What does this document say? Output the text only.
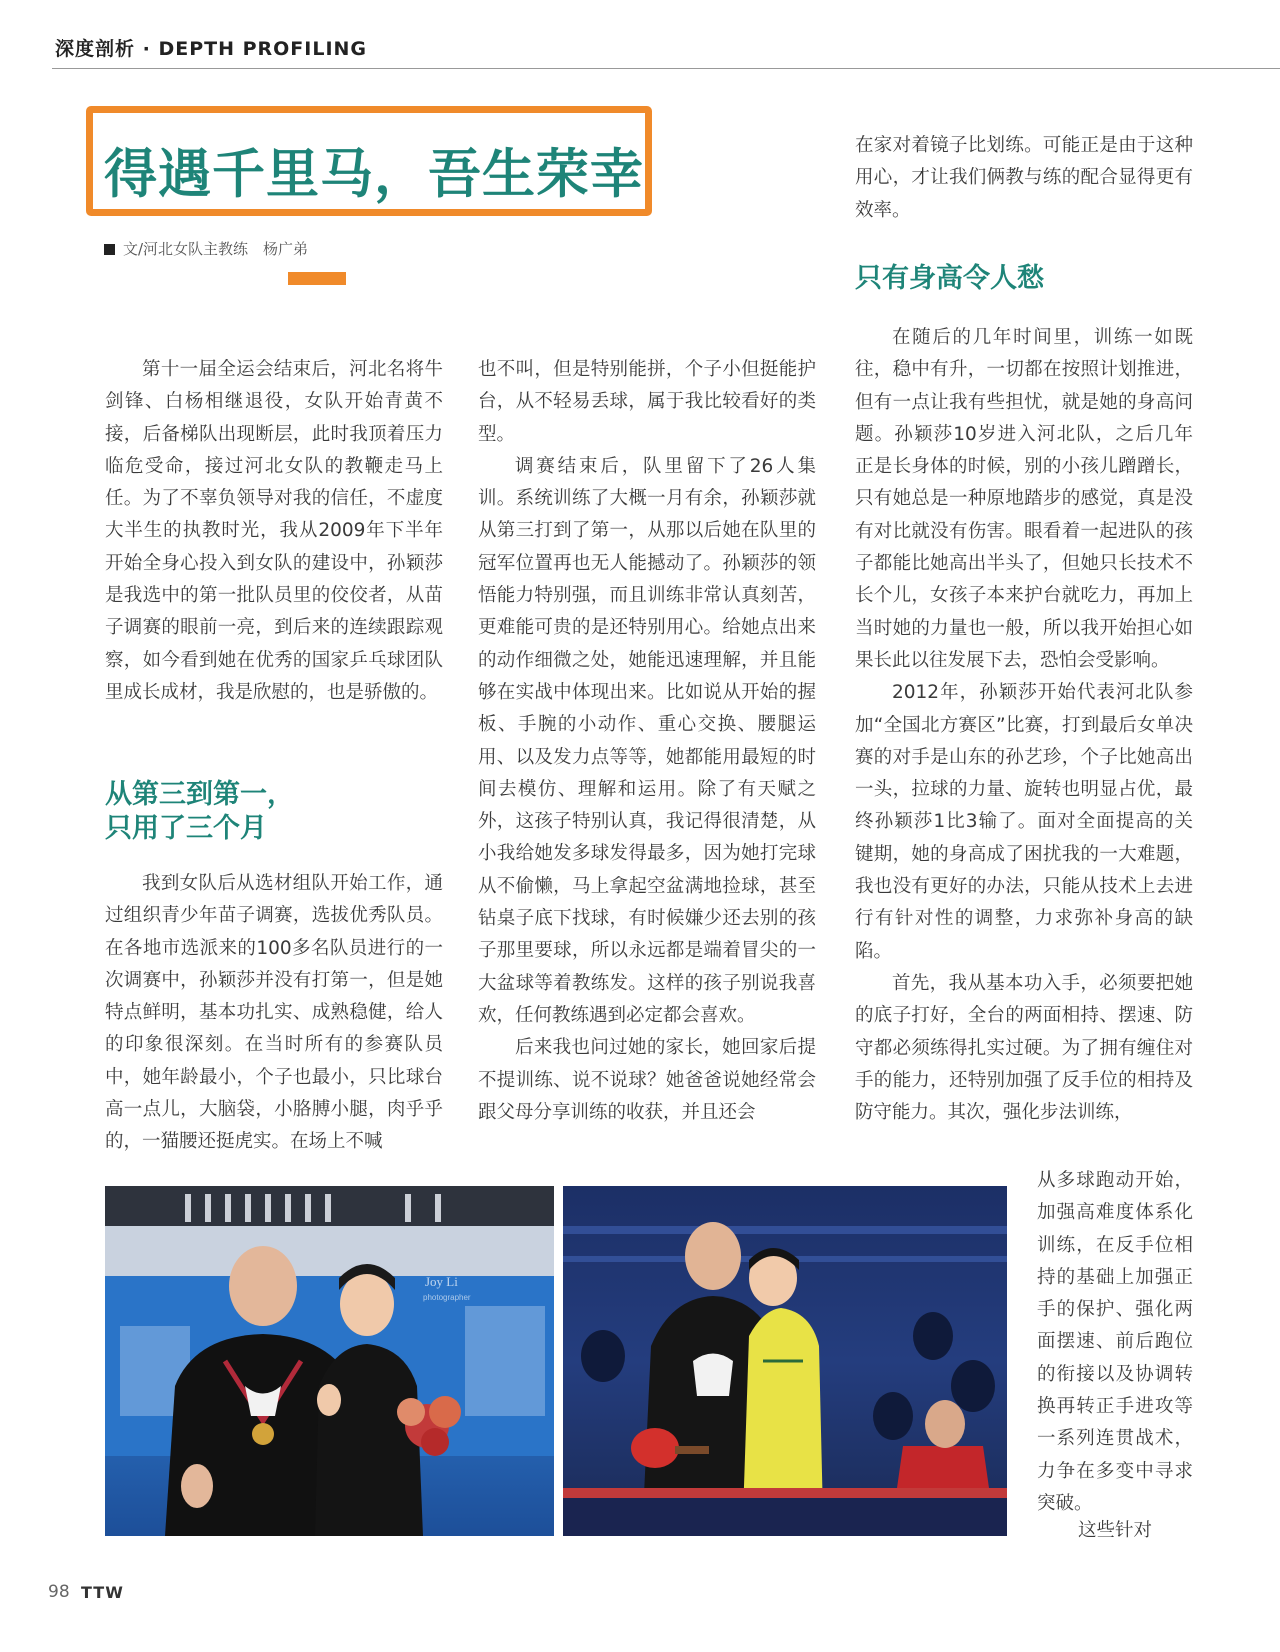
深度剖析 · DEPTH PROFILING
得遇千里马，吾生荣幸
文/河北女队主教练　杨广弟

第十一届全运会结束后，河北名将牛剑锋、白杨相继退役，女队开始青黄不接，后备梯队出现断层，此时我顶着压力临危受命，接过河北女队的教鞭走马上任。为了不辜负领导对我的信任，不虚度大半生的执教时光，我从2009年下半年开始全身心投入到女队的建设中，孙颖莎是我选中的第一批队员里的佼佼者，从苗子调赛的眼前一亮，到后来的连续跟踪观察，如今看到她在优秀的国家乒乓球团队里成长成材，我是欣慰的，也是骄傲的。

从第三到第一，
只用了三个月

我到女队后从选材组队开始工作，通过组织青少年苗子调赛，选拔优秀队员。在各地市选派来的100多名队员进行的一次调赛中，孙颖莎并没有打第一，但是她特点鲜明，基本功扎实、成熟稳健，给人的印象很深刻。在当时所有的参赛队员中，她年龄最小，个子也最小，只比球台高一点儿，大脑袋，小胳膊小腿，肉乎乎的，一猫腰还挺虎实。在场上不喊

也不叫，但是特别能拼，个子小但挺能护台，从不轻易丢球，属于我比较看好的类型。

调赛结束后，队里留下了26人集训。系统训练了大概一月有余，孙颖莎就从第三打到了第一，从那以后她在队里的冠军位置再也无人能撼动了。孙颖莎的领悟能力特别强，而且训练非常认真刻苦，更难能可贵的是还特别用心。给她点出来的动作细微之处，她能迅速理解，并且能够在实战中体现出来。比如说从开始的握板、手腕的小动作、重心交换、腰腿运用、以及发力点等等，她都能用最短的时间去模仿、理解和运用。除了有天赋之外，这孩子特别认真，我记得很清楚，从小我给她发多球发得最多，因为她打完球从不偷懒，马上拿起空盆满地捡球，甚至钻桌子底下找球，有时候嫌少还去别的孩子那里要球，所以永远都是端着冒尖的一大盆球等着教练发。这样的孩子别说我喜欢，任何教练遇到必定都会喜欢。

后来我也问过她的家长，她回家后提不提训练、说不说球？她爸爸说她经常会跟父母分享训练的收获，并且还会

在家对着镜子比划练。可能正是由于这种用心，才让我们俩教与练的配合显得更有效率。

只有身高令人愁

在随后的几年时间里，训练一如既往，稳中有升，一切都在按照计划推进，但有一点让我有些担忧，就是她的身高问题。孙颖莎10岁进入河北队，之后几年正是长身体的时候，别的小孩儿蹭蹭长，只有她总是一种原地踏步的感觉，真是没有对比就没有伤害。眼看着一起进队的孩子都能比她高出半头了，但她只长技术不长个儿，女孩子本来护台就吃力，再加上当时她的力量也一般，所以我开始担心如果长此以往发展下去，恐怕会受影响。

2012年，孙颖莎开始代表河北队参加“全国北方赛区”比赛，打到最后女单决赛的对手是山东的孙艺珍，个子比她高出一头，拉球的力量、旋转也明显占优，最终孙颖莎1比3输了。面对全面提高的关键期，她的身高成了困扰我的一大难题，我也没有更好的办法，只能从技术上去进行有针对性的调整，力求弥补身高的缺陷。

首先，我从基本功入手，必须要把她的底子打好，全台的两面相持、摆速、防守都必须练得扎实过硬。为了拥有缠住对手的能力，还特别加强了反手位的相持及防守能力。其次，强化步法训练，

从多球跑动开始，加强高难度体系化训练，在反手位相持的基础上加强正手的保护、强化两面摆速、前后跑位的衔接以及协调转换再转正手进攻等一系列连贯战术，力争在多变中寻求突破。
这些针对
Joy Li
photographer
98 TTW
